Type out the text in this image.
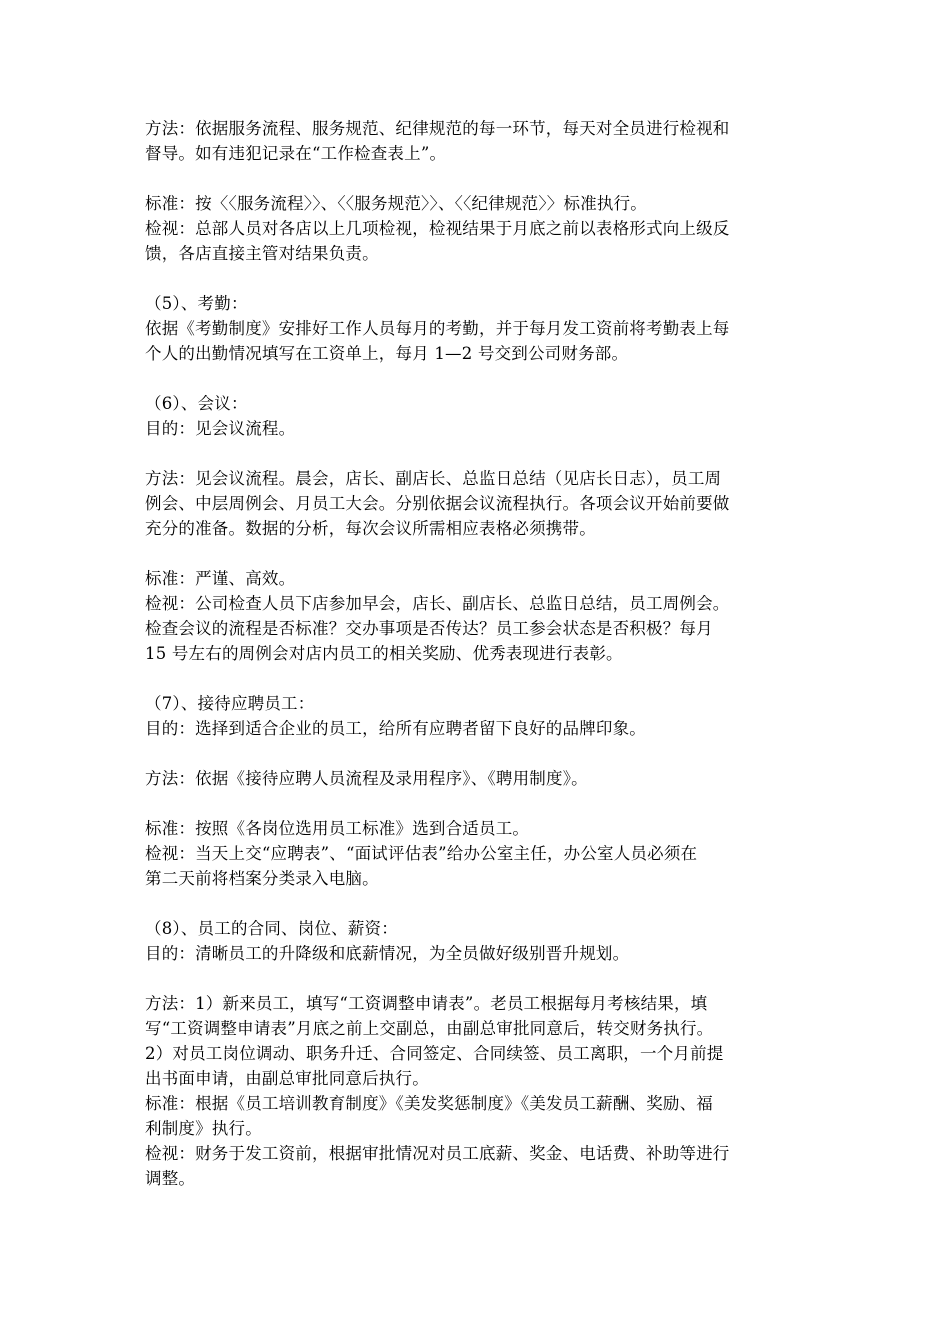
方法：依据服务流程、服务规范、纪律规范的每一环节，每天对全员进行检视和
督导。如有违犯记录在“工作检查表上”。
标准：按〈〈服务流程〉〉、〈〈服务规范〉〉、〈〈纪律规范〉〉标准执行。
检视：总部人员对各店以上几项检视，检视结果于月底之前以表格形式向上级反
馈，各店直接主管对结果负责。
（5）、考勤：
依据《考勤制度》安排好工作人员每月的考勤，并于每月发工资前将考勤表上每
个人的出勤情况填写在工资单上，每月 1—2 号交到公司财务部。
（6）、会议：
目的：见会议流程。
方法：见会议流程。晨会，店长、副店长、总监日总结（见店长日志），员工周
例会、中层周例会、月员工大会。分别依据会议流程执行。各项会议开始前要做
充分的准备。数据的分析，每次会议所需相应表格必须携带。
标准：严谨、高效。
检视：公司检查人员下店参加早会，店长、副店长、总监日总结，员工周例会。
检查会议的流程是否标准？交办事项是否传达？员工参会状态是否积极？每月
15 号左右的周例会对店内员工的相关奖励、优秀表现进行表彰。
（7）、接待应聘员工：
目的：选择到适合企业的员工，给所有应聘者留下良好的品牌印象。
方法：依据《接待应聘人员流程及录用程序》、《聘用制度》。
标准：按照《各岗位选用员工标准》选到合适员工。
检视：当天上交“应聘表”、“面试评估表”给办公室主任，办公室人员必须在
第二天前将档案分类录入电脑。
（8）、员工的合同、岗位、薪资：
目的：清晰员工的升降级和底薪情况，为全员做好级别晋升规划。
方法：1）新来员工，填写“工资调整申请表”。老员工根据每月考核结果，填
写“工资调整申请表”月底之前上交副总，由副总审批同意后，转交财务执行。
2）对员工岗位调动、职务升迁、合同签定、合同续签、员工离职，一个月前提
出书面申请，由副总审批同意后执行。
标准：根据《员工培训教育制度》《美发奖惩制度》《美发员工薪酬、奖励、福
利制度》执行。
检视：财务于发工资前，根据审批情况对员工底薪、奖金、电话费、补助等进行
调整。
